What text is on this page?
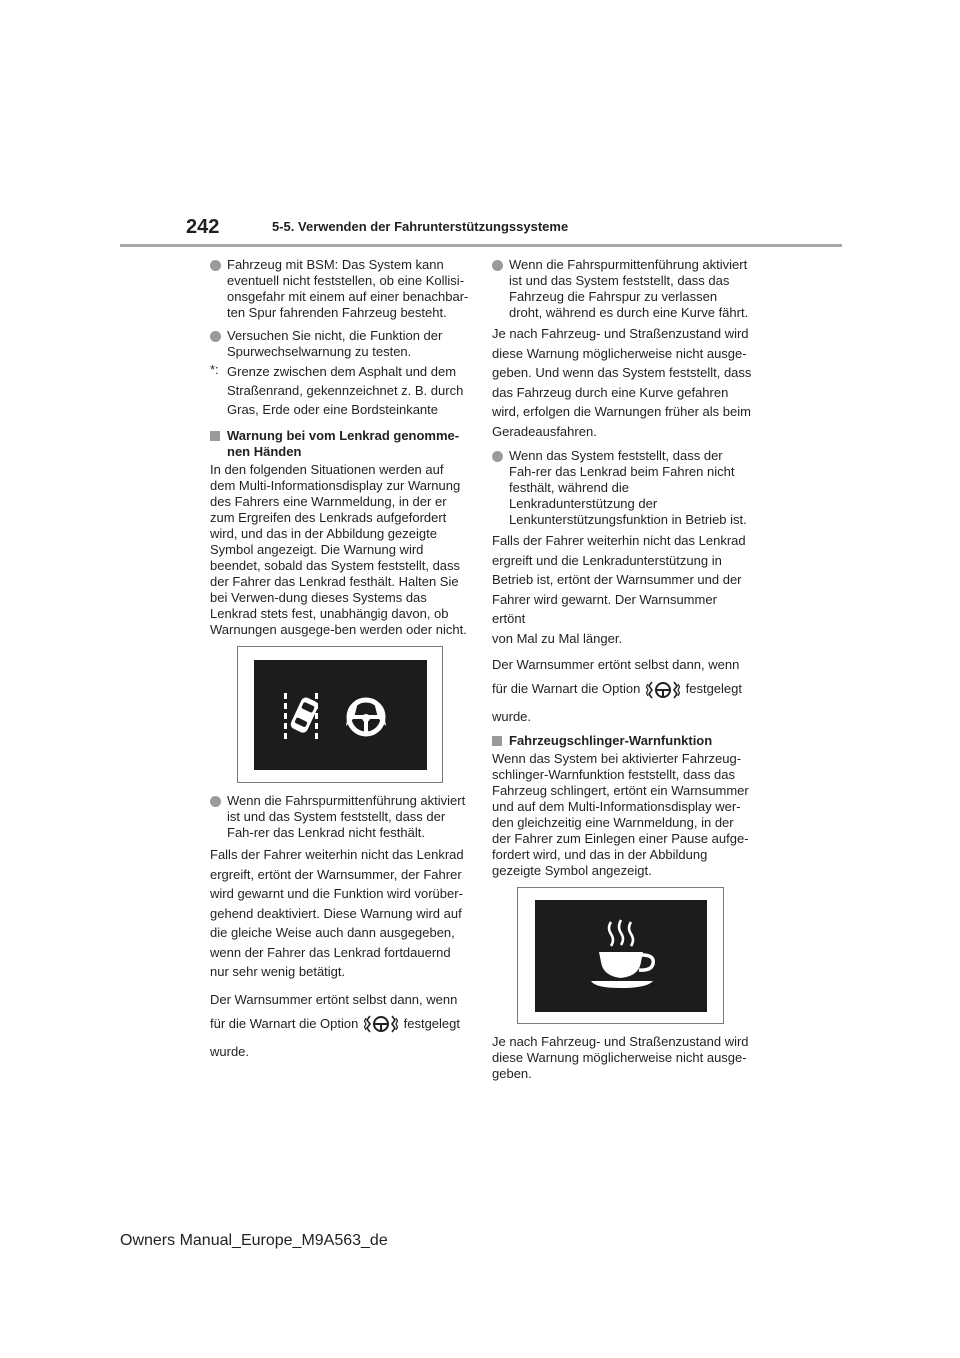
242	5-5. Verwenden der Fahrunterstützungssysteme
Fahrzeug mit BSM: Das System kann eventuell nicht feststellen, ob eine Kollisi-onsgefahr mit einem auf einer benachbar-ten Spur fahrenden Fahrzeug besteht.
Versuchen Sie nicht, die Funktion der Spurwechselwarnung zu testen.
*: Grenze zwischen dem Asphalt und dem
Straßenrand, gekennzeichnet z. B. durch
Gras, Erde oder eine Bordsteinkante
Warnung bei vom Lenkrad genomme-nen Händen
In den folgenden Situationen werden auf dem Multi-Informationsdisplay zur Warnung des Fahrers eine Warnmeldung, in der er zum Ergreifen des Lenkrads aufgefordert wird, und das in der Abbildung gezeigte Symbol angezeigt. Die Warnung wird beendet, sobald das System feststellt, dass der Fahrer das Lenkrad festhält. Halten Sie bei Verwen-dung dieses Systems das Lenkrad stets fest, unabhängig davon, ob Warnungen ausgege-ben werden oder nicht.
Wenn die Fahrspurmittenführung aktiviert ist und das System feststellt, dass der Fah-rer das Lenkrad nicht festhält.
Falls der Fahrer weiterhin nicht das Lenkrad
ergreift, ertönt der Warnsummer, der Fahrer
wird gewarnt und die Funktion wird vorüber-
gehend deaktiviert. Diese Warnung wird auf
die gleiche Weise auch dann ausgegeben,
wenn der Fahrer das Lenkrad fortdauernd
nur sehr wenig betätigt.
Der Warnsummer ertönt selbst dann, wenn
für die Warnart die Option	festgelegt
wurde.
Wenn die Fahrspurmittenführung aktiviert ist und das System feststellt, dass das Fahrzeug die Fahrspur zu verlassen droht, während es durch eine Kurve fährt.
Je nach Fahrzeug- und Straßenzustand wird
diese Warnung möglicherweise nicht ausge-
geben. Und wenn das System feststellt, dass
das Fahrzeug durch eine Kurve gefahren
wird, erfolgen die Warnungen früher als beim
Geradeausfahren.
Wenn das System feststellt, dass der Fah-rer das Lenkrad beim Fahren nicht festhält, während die Lenkradunterstützung der Lenkunterstützungsfunktion in Betrieb ist.
Falls der Fahrer weiterhin nicht das Lenkrad
ergreift und die Lenkradunterstützung in
Betrieb ist, ertönt der Warnsummer und der
Fahrer wird gewarnt. Der Warnsummer ertönt
von Mal zu Mal länger.
Der Warnsummer ertönt selbst dann, wenn
für die Warnart die Option	festgelegt
wurde.
Fahrzeugschlinger-Warnfunktion
Wenn das System bei aktivierter Fahrzeug-schlinger-Warnfunktion feststellt, dass das Fahrzeug schlingert, ertönt ein Warnsummer und auf dem Multi-Informationsdisplay wer-den gleichzeitig eine Warnmeldung, in der der Fahrer zum Einlegen einer Pause aufge-fordert wird, und das in der Abbildung gezeigte Symbol angezeigt.
Je nach Fahrzeug- und Straßenzustand wird diese Warnung möglicherweise nicht ausge-geben.
Owners Manual_Europe_M9A563_de
